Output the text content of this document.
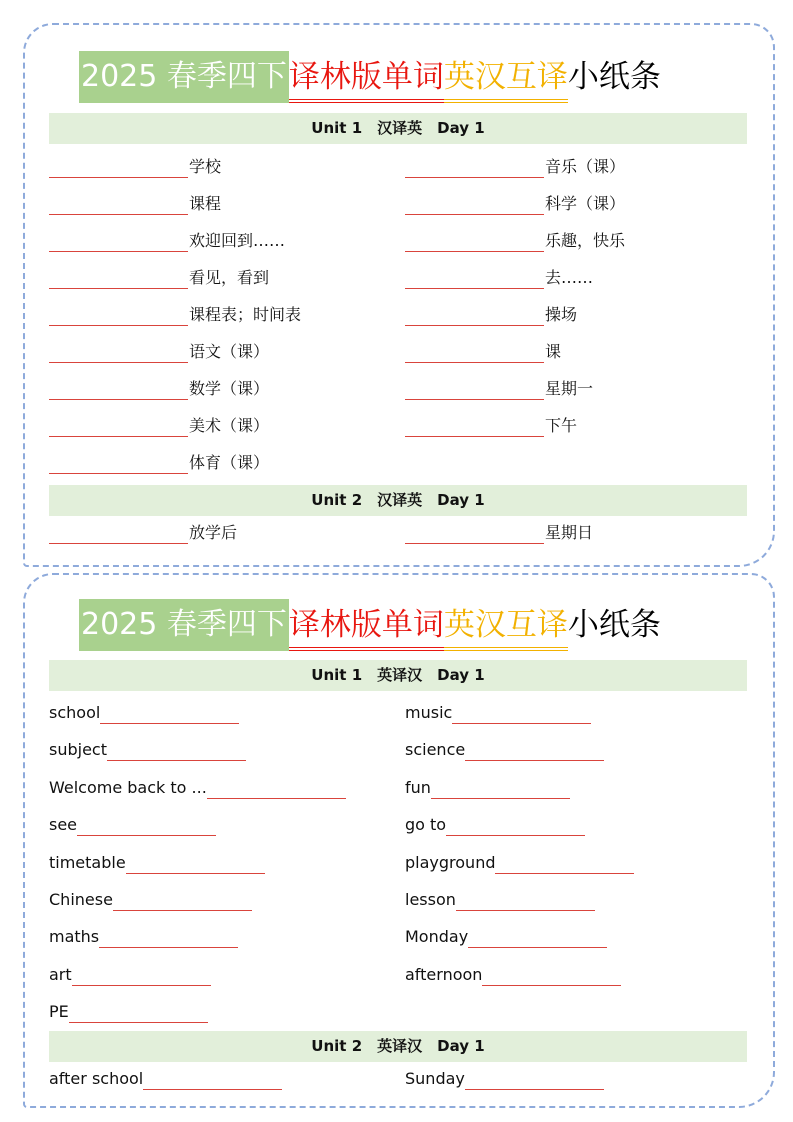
2025 春季四下 译林版单词 英汉互译 小纸条
Unit 1　汉译英　Day 1
学校
课程
欢迎回到……
看见，看到
课程表；时间表
语文（课）
数学（课）
美术（课）
体育（课）
音乐（课）
科学（课）
乐趣，快乐
去……
操场
课
星期一
下午
Unit 2　汉译英　Day 1
放学后	星期日
2025 春季四下 译林版单词 英汉互译 小纸条
Unit 1　英译汉　Day 1
school
subject
Welcome back to ...
see
timetable
Chinese
maths
art
PE
music
science
fun
go to
playground
lesson
Monday
afternoon
Unit 2　英译汉　Day 1
after school	Sunday
